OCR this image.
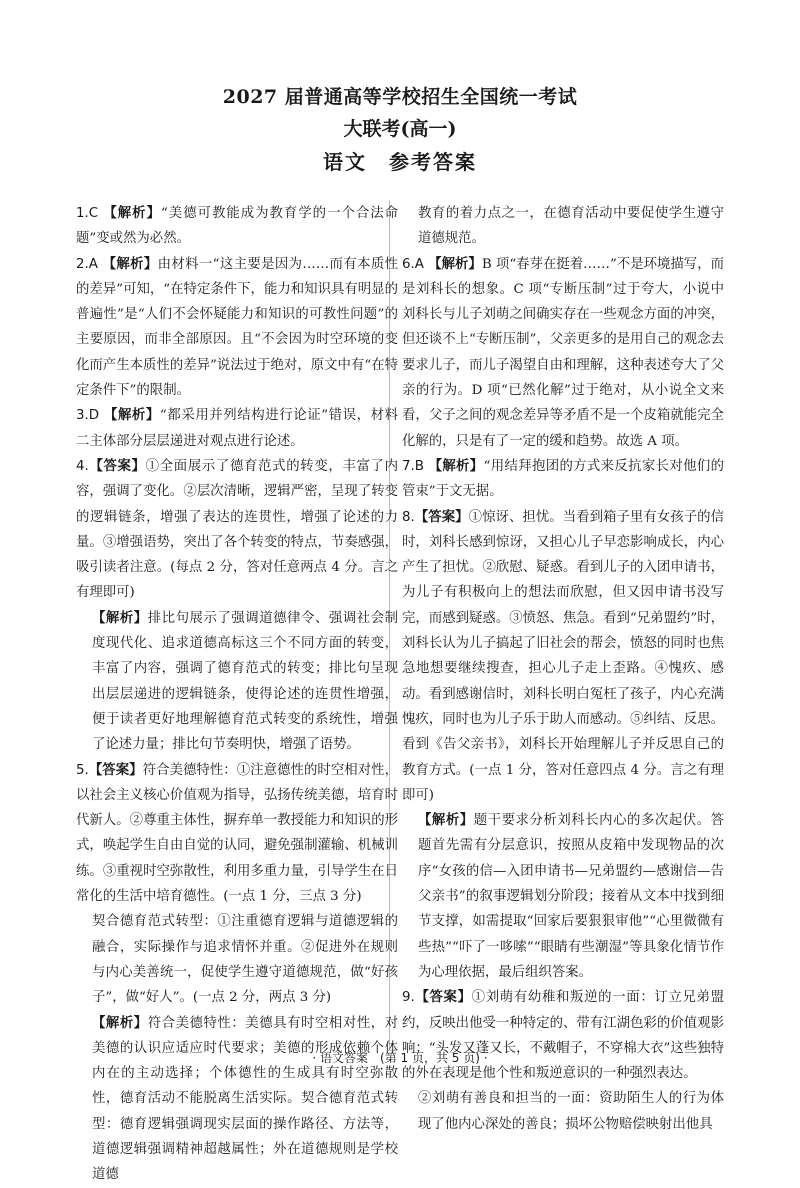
2027 届普通高等学校招生全国统一考试
大联考(高一)
语文　参考答案

1.C 【解析】“美德可教能成为教育学的一个合法命题”变或然为必然。

2.A 【解析】由材料一“这主要是因为……而有本质性的差异”可知，“在特定条件下，能力和知识具有明显的普遍性”是“人们不会怀疑能力和知识的可教性问题”的主要原因，而非全部原因。且“不会因为时空环境的变化而产生本质性的差异”说法过于绝对，原文中有“在特定条件下”的限制。

3.D 【解析】“都采用并列结构进行论证”错误，材料二主体部分层层递进对观点进行论述。

4.【答案】①全面展示了德育范式的转变，丰富了内容，强调了变化。②层次清晰，逻辑严密，呈现了转变的逻辑链条，增强了表达的连贯性，增强了论述的力量。③增强语势，突出了各个转变的特点，节奏感强，吸引读者注意。(每点 2 分，答对任意两点 4 分。言之有理即可)

【解析】排比句展示了强调道德律令、强调社会制度现代化、追求道德高标这三个不同方面的转变，丰富了内容，强调了德育范式的转变；排比句呈现出层层递进的逻辑链条，使得论述的连贯性增强，便于读者更好地理解德育范式转变的系统性，增强了论述力量；排比句节奏明快，增强了语势。

5.【答案】符合美德特性：①注意德性的时空相对性，以社会主义核心价值观为指导，弘扬传统美德，培育时代新人。②尊重主体性，摒弃单一教授能力和知识的形式，唤起学生自由自觉的认同，避免强制灌输、机械训练。③重视时空弥散性，利用多重力量，引导学生在日常化的生活中培育德性。(一点 1 分，三点 3 分)

契合德育范式转型：①注重德育逻辑与道德逻辑的融合，实际操作与追求情怀并重。②促进外在规则与内心美善统一，促使学生遵守道德规范，做“好孩子”，做“好人”。(一点 2 分，两点 3 分)

【解析】符合美德特性：美德具有时空相对性，对美德的认识应适应时代要求；美德的形成依赖个体内在的主动选择；个体德性的生成具有时空弥散性，德育活动不能脱离生活实际。契合德育范式转型：德育逻辑强调现实层面的操作路径、方法等，道德逻辑强调精神超越属性；外在道德规则是学校道德

教育的着力点之一，在德育活动中要促使学生遵守道德规范。

6.A 【解析】B 项“春芽在挺着……”不是环境描写，而是刘科长的想象。C 项“专断压制”过于夸大，小说中刘科长与儿子刘萌之间确实存在一些观念方面的冲突，但还谈不上“专断压制”，父亲更多的是用自己的观念去要求儿子，而儿子渴望自由和理解，这种表述夸大了父亲的行为。D 项“已然化解”过于绝对，从小说全文来看，父子之间的观念差异等矛盾不是一个皮箱就能完全化解的，只是有了一定的缓和趋势。故选 A 项。

7.B 【解析】“用结拜抱团的方式来反抗家长对他们的管束”于文无据。

8.【答案】①惊讶、担忧。当看到箱子里有女孩子的信时，刘科长感到惊讶，又担心儿子早恋影响成长，内心产生了担忧。②欣慰、疑惑。看到儿子的入团申请书，为儿子有积极向上的想法而欣慰，但又因申请书没写完，而感到疑惑。③愤怒、焦急。看到“兄弟盟约”时，刘科长认为儿子搞起了旧社会的帮会，愤怒的同时也焦急地想要继续搜查，担心儿子走上歪路。④愧疚、感动。看到感谢信时，刘科长明白冤枉了孩子，内心充满愧疚，同时也为儿子乐于助人而感动。⑤纠结、反思。看到《告父亲书》，刘科长开始理解儿子并反思自己的教育方式。(一点 1 分，答对任意四点 4 分。言之有理即可)

【解析】题干要求分析刘科长内心的多次起伏。答题首先需有分层意识，按照从皮箱中发现物品的次序“女孩的信—入团申请书—兄弟盟约—感谢信—告父亲书”的叙事逻辑划分阶段；接着从文本中找到细节支撑，如需提取“回家后要狠狠审他”“心里微微有些热”“吓了一哆嗦”“眼睛有些潮湿”等具象化情节作为心理依据，最后组织答案。

9.【答案】①刘萌有幼稚和叛逆的一面：订立兄弟盟约，反映出他受一种特定的、带有江湖色彩的价值观影响；“头发又蓬又长，不戴帽子，不穿棉大衣”这些独特的外在表现是他个性和叛逆意识的一种强烈表达。

②刘萌有善良和担当的一面：资助陌生人的行为体现了他内心深处的善良；损坏公物赔偿映射出他具

· 语文答案　(第 1 页，共 5 页) ·
